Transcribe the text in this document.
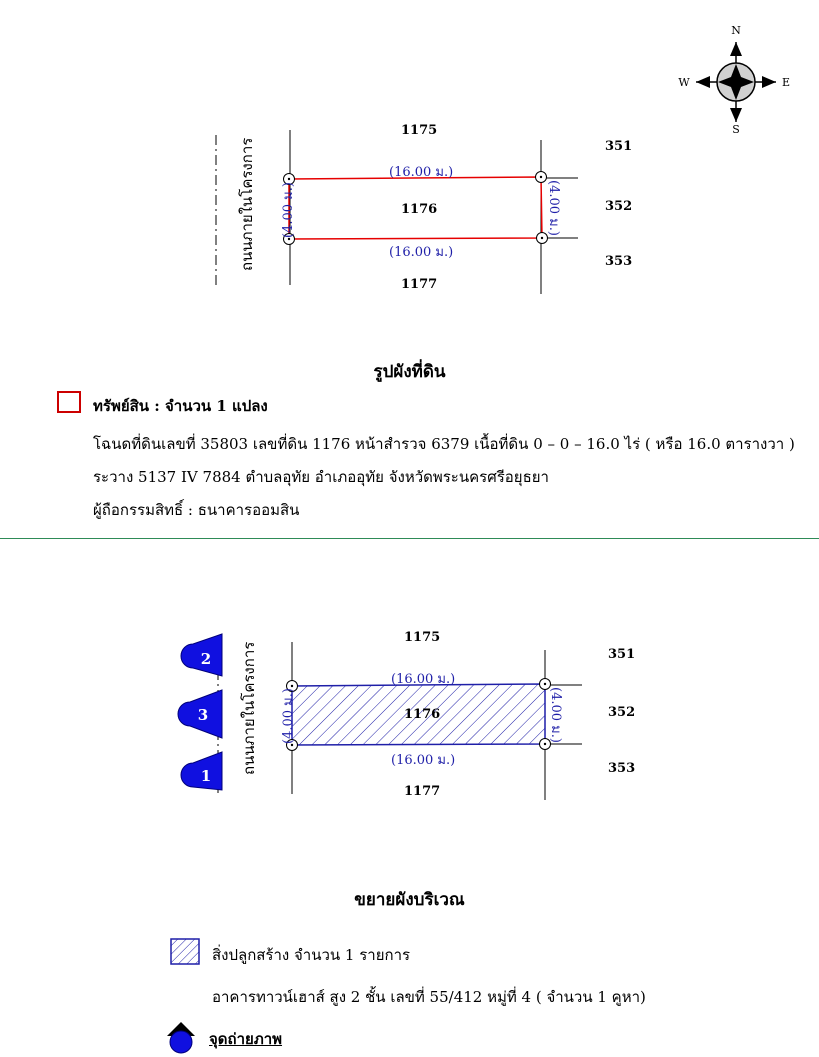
N
S
W	E
ถนนภายในโครงการ
1175
1176
1177
351
352
353
(16.00 ม.)
(16.00 ม.)
(4.00 ม.)	(4.00 ม.)
รูปผังที่ดิน
ทรัพย์สิน : จำนวน 1 แปลง
โฉนดที่ดินเลขที่ 35803 เลขที่ดิน 1176 หน้าสำรวจ 6379 เนื้อที่ดิน 0 – 0 – 16.0 ไร่ ( หรือ 16.0 ตารางวา )
ระวาง 5137 IV 7884 ตำบลอุทัย อำเภออุทัย จังหวัดพระนครศรีอยุธยา
ผู้ถือกรรมสิทธิ์ : ธนาคารออมสิน
2
3
1
ถนนภายในโครงการ
1175
1176
1177
351
352
353
(16.00 ม.)
(16.00 ม.)
(4.00 ม.)	(4.00 ม.)
ขยายผังบริเวณ
สิ่งปลูกสร้าง จำนวน 1 รายการ
อาคารทาวน์เฮาส์ สูง 2 ชั้น เลขที่ 55/412 หมู่ที่ 4 ( จำนวน 1 คูหา)
จุดถ่ายภาพ
